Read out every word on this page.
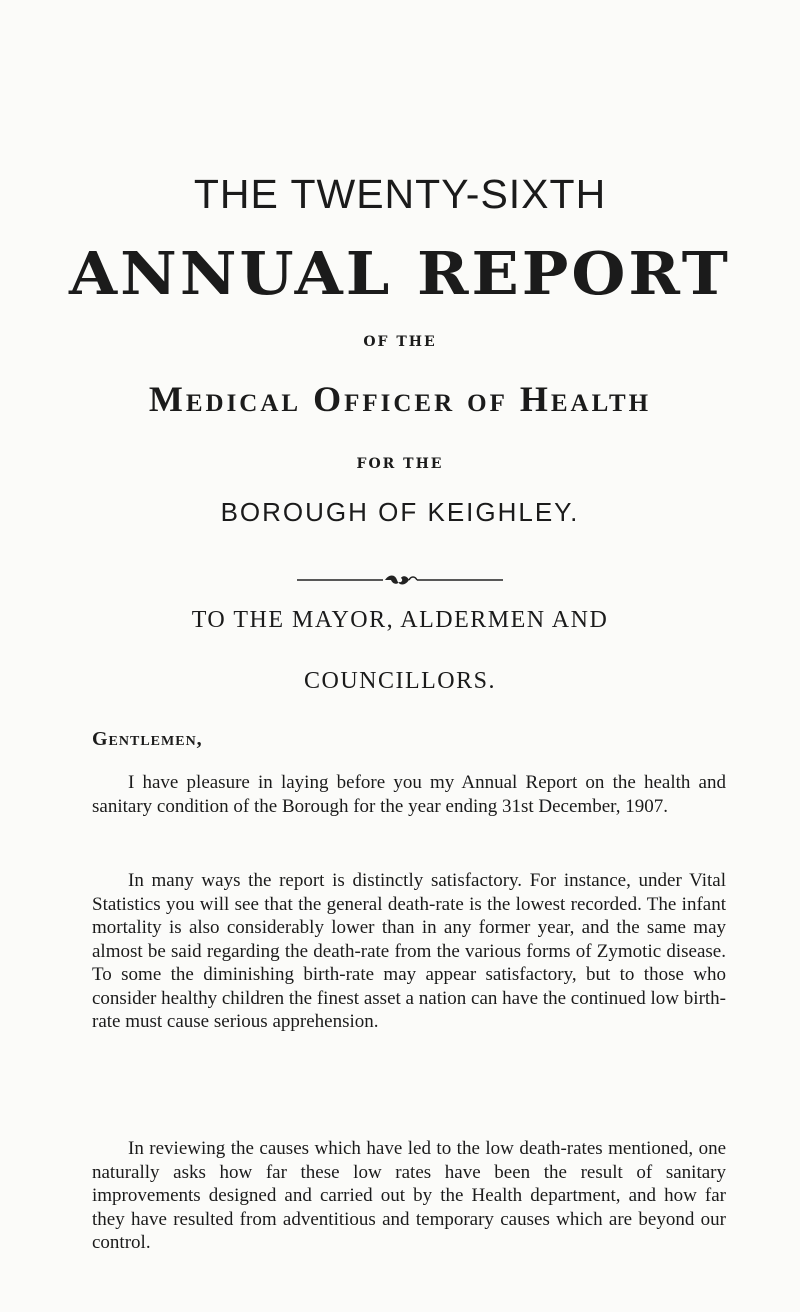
THE TWENTY-SIXTH
ANNUAL REPORT
OF THE
Medical Officer of Health
FOR THE
BOROUGH OF KEIGHLEY.
TO THE MAYOR, ALDERMEN AND
COUNCILLORS.
Gentlemen,

I have pleasure in laying before you my Annual Report on the health and sanitary condition of the Borough for the year ending 31st December, 1907.

In many ways the report is distinctly satisfactory. For instance, under Vital Statistics you will see that the general death-rate is the lowest recorded. The infant mortality is also considerably lower than in any former year, and the same may almost be said regarding the death-rate from the various forms of Zymotic disease. To some the diminishing birth-rate may appear satisfactory, but to those who consider healthy children the finest asset a nation can have the continued low birth-rate must cause serious apprehension.

In reviewing the causes which have led to the low death-rates mentioned, one naturally asks how far these low rates have been the result of sanitary improvements designed and carried out by the Health department, and how far they have resulted from adventitious and temporary causes which are beyond our control.
